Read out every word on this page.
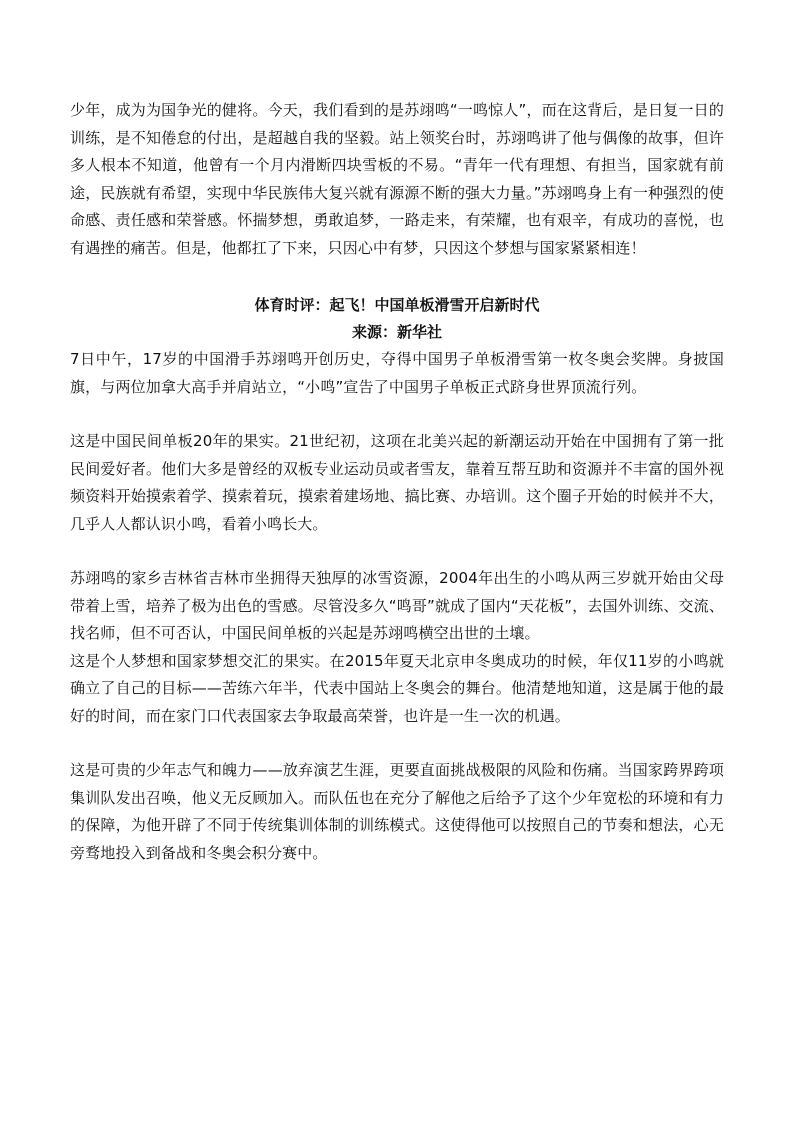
少年，成为为国争光的健将。今天，我们看到的是苏翊鸣“一鸣惊人”，而在这背后，是日复一日的训练，是不知倦怠的付出，是超越自我的坚毅。站上领奖台时，苏翊鸣讲了他与偶像的故事，但许多人根本不知道，他曾有一个月内滑断四块雪板的不易。“青年一代有理想、有担当，国家就有前途，民族就有希望，实现中华民族伟大复兴就有源源不断的强大力量。”苏翊鸣身上有一种强烈的使命感、责任感和荣誉感。怀揣梦想，勇敢追梦，一路走来，有荣耀，也有艰辛，有成功的喜悦，也有遇挫的痛苦。但是，他都扛了下来，只因心中有梦，只因这个梦想与国家紧紧相连！

体育时评：起飞！中国单板滑雪开启新时代

来源：新华社

7日中午，17岁的中国滑手苏翊鸣开创历史，夺得中国男子单板滑雪第一枚冬奥会奖牌。身披国旗，与两位加拿大高手并肩站立，“小鸣”宣告了中国男子单板正式跻身世界顶流行列。

这是中国民间单板20年的果实。21世纪初，这项在北美兴起的新潮运动开始在中国拥有了第一批民间爱好者。他们大多是曾经的双板专业运动员或者雪友，靠着互帮互助和资源并不丰富的国外视频资料开始摸索着学、摸索着玩，摸索着建场地、搞比赛、办培训。这个圈子开始的时候并不大，几乎人人都认识小鸣，看着小鸣长大。

苏翊鸣的家乡吉林省吉林市坐拥得天独厚的冰雪资源，2004年出生的小鸣从两三岁就开始由父母带着上雪，培养了极为出色的雪感。尽管没多久“鸣哥”就成了国内“天花板”，去国外训练、交流、找名师，但不可否认，中国民间单板的兴起是苏翊鸣横空出世的土壤。

这是个人梦想和国家梦想交汇的果实。在2015年夏天北京申冬奥成功的时候，年仅11岁的小鸣就确立了自己的目标——苦练六年半，代表中国站上冬奥会的舞台。他清楚地知道，这是属于他的最好的时间，而在家门口代表国家去争取最高荣誉，也许是一生一次的机遇。

这是可贵的少年志气和魄力——放弃演艺生涯，更要直面挑战极限的风险和伤痛。当国家跨界跨项集训队发出召唤，他义无反顾加入。而队伍也在充分了解他之后给予了这个少年宽松的环境和有力的保障，为他开辟了不同于传统集训体制的训练模式。这使得他可以按照自己的节奏和想法，心无旁骛地投入到备战和冬奥会积分赛中。
